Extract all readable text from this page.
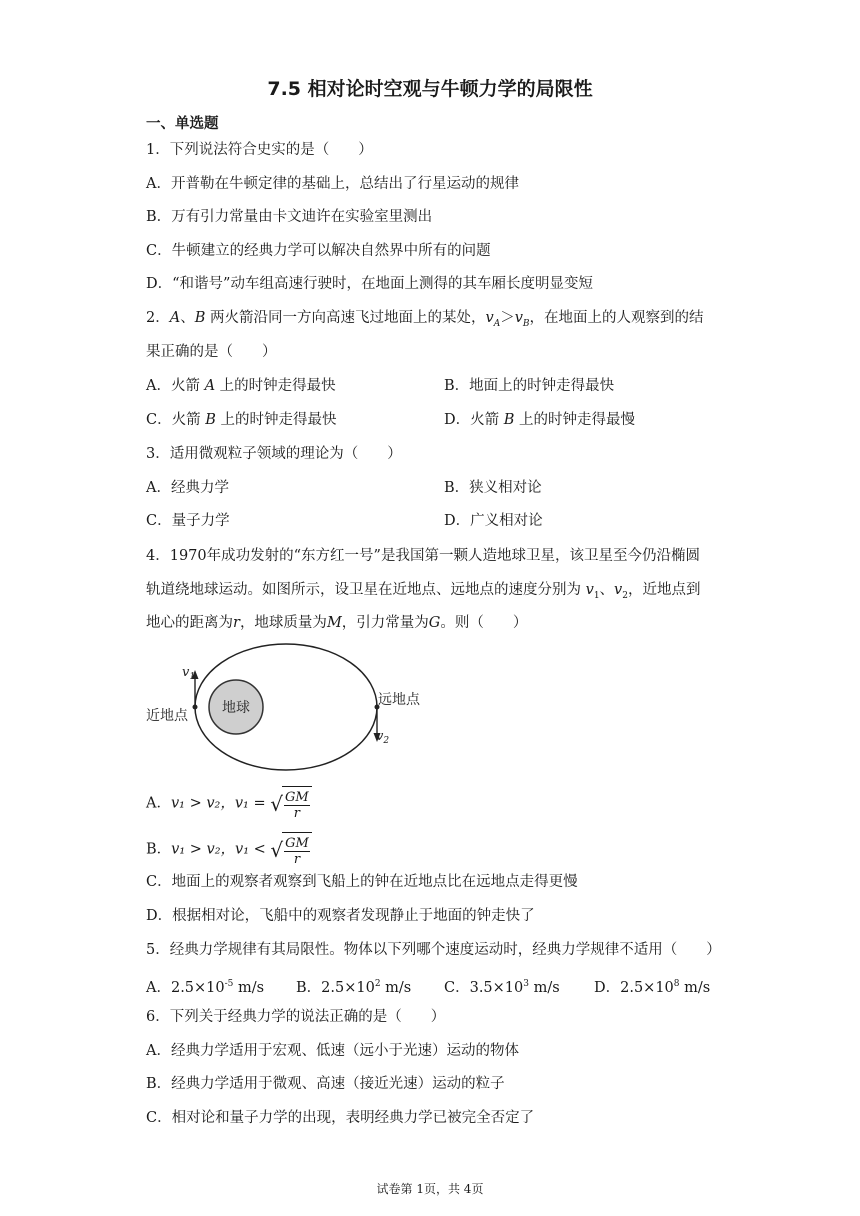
7.5 相对论时空观与牛顿力学的局限性
一、单选题
1．下列说法符合史实的是（　　）
A．开普勒在牛顿定律的基础上，总结出了行星运动的规律
B．万有引力常量由卡文迪许在实验室里测出
C．牛顿建立的经典力学可以解决自然界中所有的问题
D．“和谐号”动车组高速行驶时，在地面上测得的其车厢长度明显变短
2．A、B 两火箭沿同一方向高速飞过地面上的某处，$v_A>v_B$，在地面上的人观察到的结
果正确的是（　　）
A．火箭 A 上的时钟走得最快	B．地面上的时钟走得最快
C．火箭 B 上的时钟走得最快	D．火箭 B 上的时钟走得最慢
3．适用微观粒子领域的理论为（　　）
A．经典力学	B．狭义相对论
C．量子力学	D．广义相对论
4．1970年成功发射的“东方红一号”是我国第一颗人造地球卫星，该卫星至今仍沿椭圆
轨道绕地球运动。如图所示，设卫星在近地点、远地点的速度分别为 $v_1$、$v_2$，近地点到
地心的距离为r，地球质量为M，引力常量为G。则（　　）
地球
$v_1$
$v_2$
近地点
远地点
A．v₁ > v₂，v₁ = √ $\frac{GM}{r}$
B．v₁ > v₂，v₁ < √ $\frac{GM}{r}$
C．地面上的观察者观察到飞船上的钟在近地点比在远地点走得更慢
D．根据相对论，飞船中的观察者发现静止于地面的钟走快了
5．经典力学规律有其局限性。物体以下列哪个速度运动时，经典力学规律不适用（　　）
A．$2.5\times 10^{-5}$ m/s B．$2.5\times 10^2$ m/s C．$3.5\times 10^3$ m/s D．$2.5\times 10^8$ m/s
6．下列关于经典力学的说法正确的是（　　）
A．经典力学适用于宏观、低速（远小于光速）运动的物体
B．经典力学适用于微观、高速（接近光速）运动的粒子
C．相对论和量子力学的出现，表明经典力学已被完全否定了
试卷第 1页，共 4页
